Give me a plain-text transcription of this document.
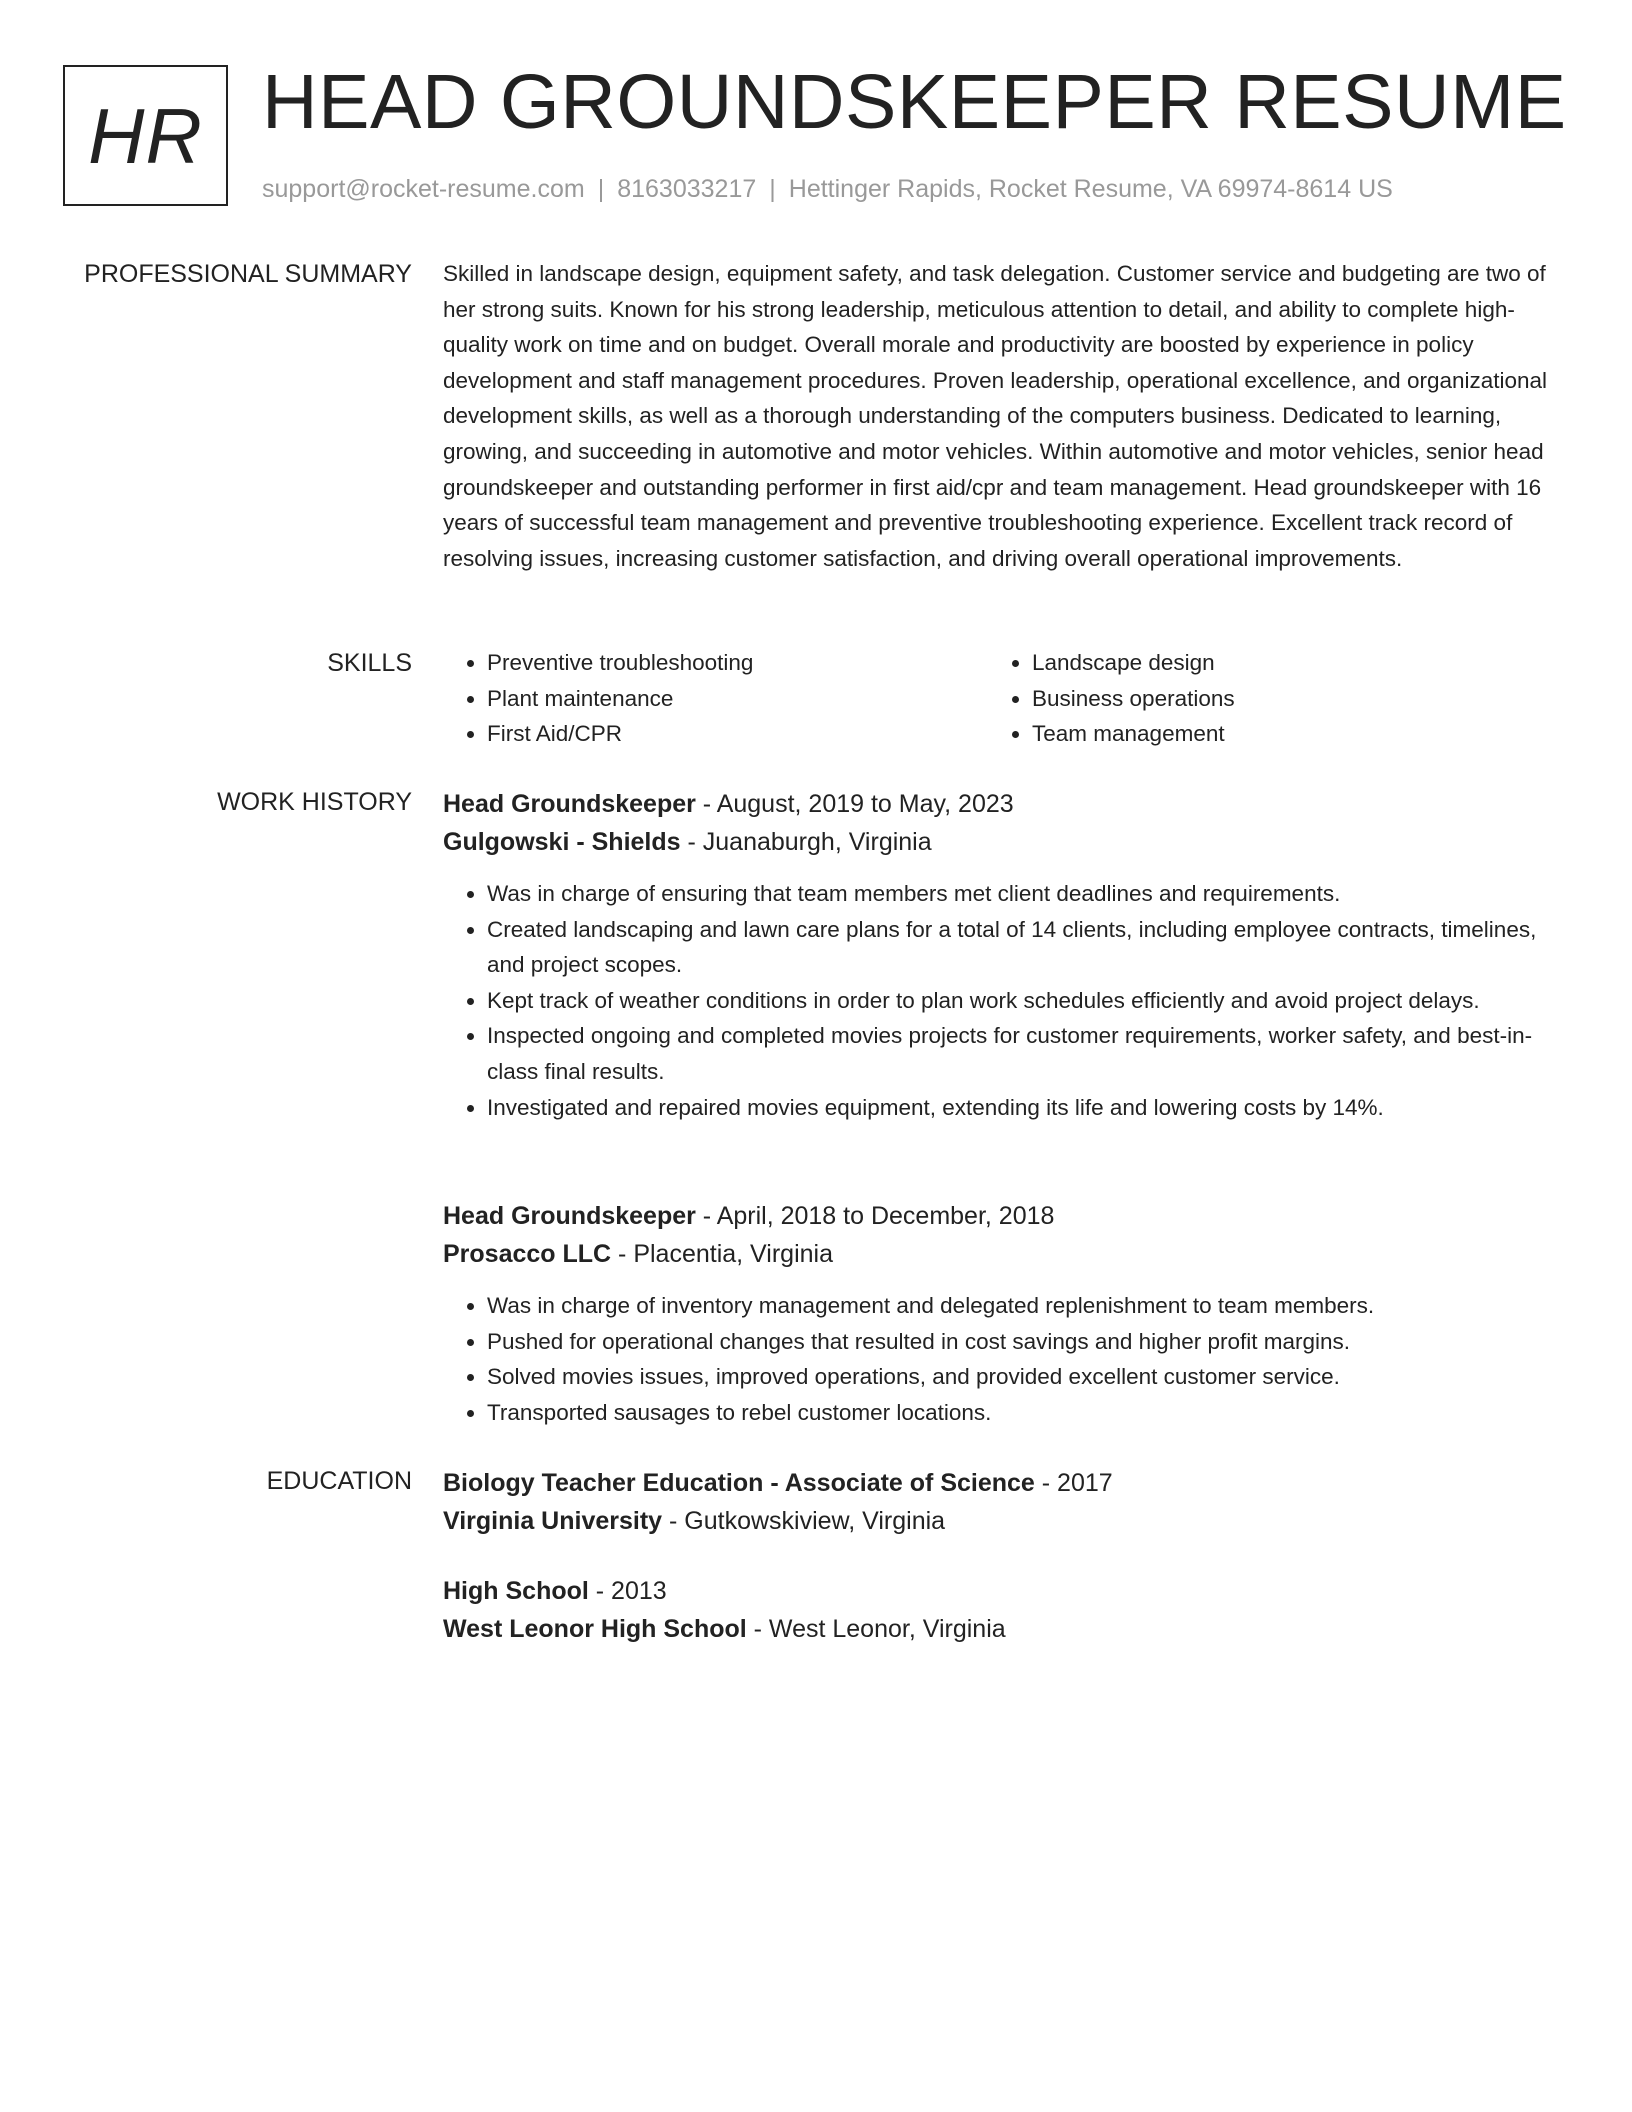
HR HEAD GROUNDSKEEPER RESUME
support@rocket-resume.com | 8163033217 | Hettinger Rapids, Rocket Resume, VA 69974-8614 US
PROFESSIONAL SUMMARY Skilled in landscape design, equipment safety, and task delegation. Customer service and budgeting are two of her strong suits. Known for his strong leadership, meticulous attention to detail, and ability to complete high-quality work on time and on budget. Overall morale and productivity are boosted by experience in policy development and staff management procedures. Proven leadership, operational excellence, and organizational development skills, as well as a thorough understanding of the computers business. Dedicated to learning, growing, and succeeding in automotive and motor vehicles. Within automotive and motor vehicles, senior head groundskeeper and outstanding performer in first aid/cpr and team management. Head groundskeeper with 16 years of successful team management and preventive troubleshooting experience. Excellent track record of resolving issues, increasing customer satisfaction, and driving overall operational improvements.

SKILLS
•	Preventive troubleshooting
• Plant maintenance
• First Aid/CPR
• Landscape design
• Business operations
• Team management
WORK HISTORY Head Groundskeeper - August, 2019 to May, 2023
Gulgowski - Shields - Juanaburgh, Virginia
• Was in charge of ensuring that team members met client deadlines and requirements.
• Created landscaping and lawn care plans for a total of 14 clients, including employee contracts, timelines, and project scopes.
• Kept track of weather conditions in order to plan work schedules efficiently and avoid project delays.
• Inspected ongoing and completed movies projects for customer requirements, worker safety, and best-in-class final results.
• Investigated and repaired movies equipment, extending its life and lowering costs by 14%.
Head Groundskeeper - April, 2018 to December, 2018
Prosacco LLC - Placentia, Virginia
• Was in charge of inventory management and delegated replenishment to team members.
• Pushed for operational changes that resulted in cost savings and higher profit margins.
• Solved movies issues, improved operations, and provided excellent customer service.
• Transported sausages to rebel customer locations.
EDUCATION Biology Teacher Education - Associate of Science - 2017
Virginia University - Gutkowskiview, Virginia
High School - 2013
West Leonor High School - West Leonor, Virginia
